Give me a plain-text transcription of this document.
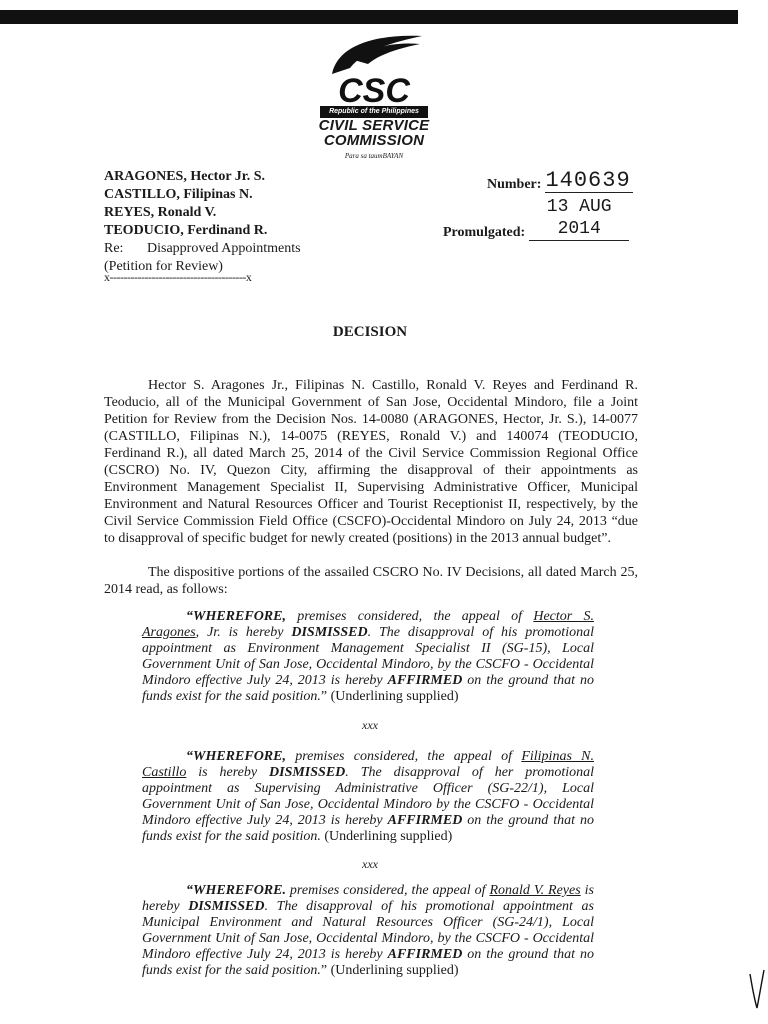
CSC
Republic of the Philippines
CIVIL SERVICE
COMMISSION
Para sa taumBAYAN
ARAGONES, Hector Jr. S.
CASTILLO, Filipinas N.
REYES, Ronald V.
TEODUCIO, Ferdinand R.
Re:	Disapproved Appointments
(Petition for Review)
x---------------------------------------x
Number: 140639
Promulgated:
13 AUG 2014
DECISION
Hector S. Aragones Jr., Filipinas N. Castillo, Ronald V. Reyes and Ferdinand R. Teoducio, all of the Municipal Government of San Jose, Occidental Mindoro, file a Joint Petition for Review from the Decision Nos. 14-0080 (ARAGONES, Hector, Jr. S.), 14-0077 (CASTILLO, Filipinas N.), 14-0075 (REYES, Ronald V.) and 140074 (TEODUCIO, Ferdinand R.), all dated March 25, 2014 of the Civil Service Commission Regional Office (CSCRO) No. IV, Quezon City, affirming the disapproval of their appointments as Environment Management Specialist II, Supervising Administrative Officer, Municipal Environment and Natural Resources Officer and Tourist Receptionist II, respectively, by the Civil Service Commission Field Office (CSCFO)-Occidental Mindoro on July 24, 2013 “due to disapproval of specific budget for newly created (positions) in the 2013 annual budget”.
The dispositive portions of the assailed CSCRO No. IV Decisions, all dated March 25, 2014 read, as follows:
“WHEREFORE, premises considered, the appeal of Hector S. Aragones, Jr. is hereby DISMISSED. The disapproval of his promotional appointment as Environment Management Specialist II (SG-15), Local Government Unit of San Jose, Occidental Mindoro, by the CSCFO - Occidental Mindoro effective July 24, 2013 is hereby AFFIRMED on the ground that no funds exist for the said position.” (Underlining supplied)
xxx
“WHEREFORE, premises considered, the appeal of Filipinas N. Castillo is hereby DISMISSED. The disapproval of her promotional appointment as Supervising Administrative Officer (SG-22/1), Local Government Unit of San Jose, Occidental Mindoro by the CSCFO - Occidental Mindoro effective July 24, 2013 is hereby AFFIRMED on the ground that no funds exist for the said position. (Underlining supplied)
xxx
“WHEREFORE. premises considered, the appeal of Ronald V. Reyes is hereby DISMISSED. The disapproval of his promotional appointment as Municipal Environment and Natural Resources Officer (SG-24/1), Local Government Unit of San Jose, Occidental Mindoro, by the CSCFO - Occidental Mindoro effective July 24, 2013 is hereby AFFIRMED on the ground that no funds exist for the said position.” (Underlining supplied)
